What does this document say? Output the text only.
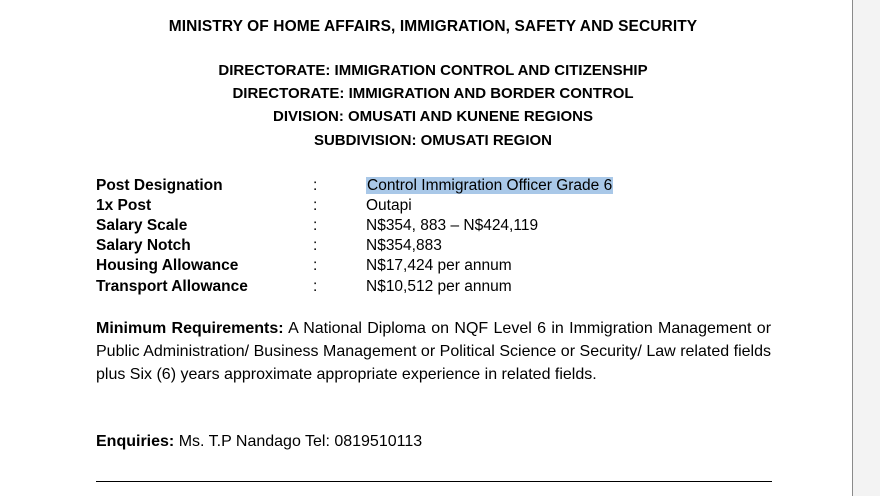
MINISTRY OF HOME AFFAIRS, IMMIGRATION, SAFETY AND SECURITY
DIRECTORATE: IMMIGRATION CONTROL AND CITIZENSHIP
DIRECTORATE: IMMIGRATION AND BORDER CONTROL
DIVISION: OMUSATI AND KUNENE REGIONS
SUBDIVISION: OMUSATI REGION
Post Designation	:	Control Immigration Officer Grade 6
1x Post	:	Outapi
Salary Scale	:	N$354, 883 – N$424,119
Salary Notch	:	N$354,883
Housing Allowance	:	N$17,424 per annum
Transport Allowance	:	N$10,512 per annum
Minimum Requirements: A National Diploma on NQF Level 6 in Immigration Management or Public Administration/ Business Management or Political Science or Security/ Law related fields plus Six (6) years approximate appropriate experience in related fields.
Enquiries: Ms. T.P Nandago Tel: 0819510113
